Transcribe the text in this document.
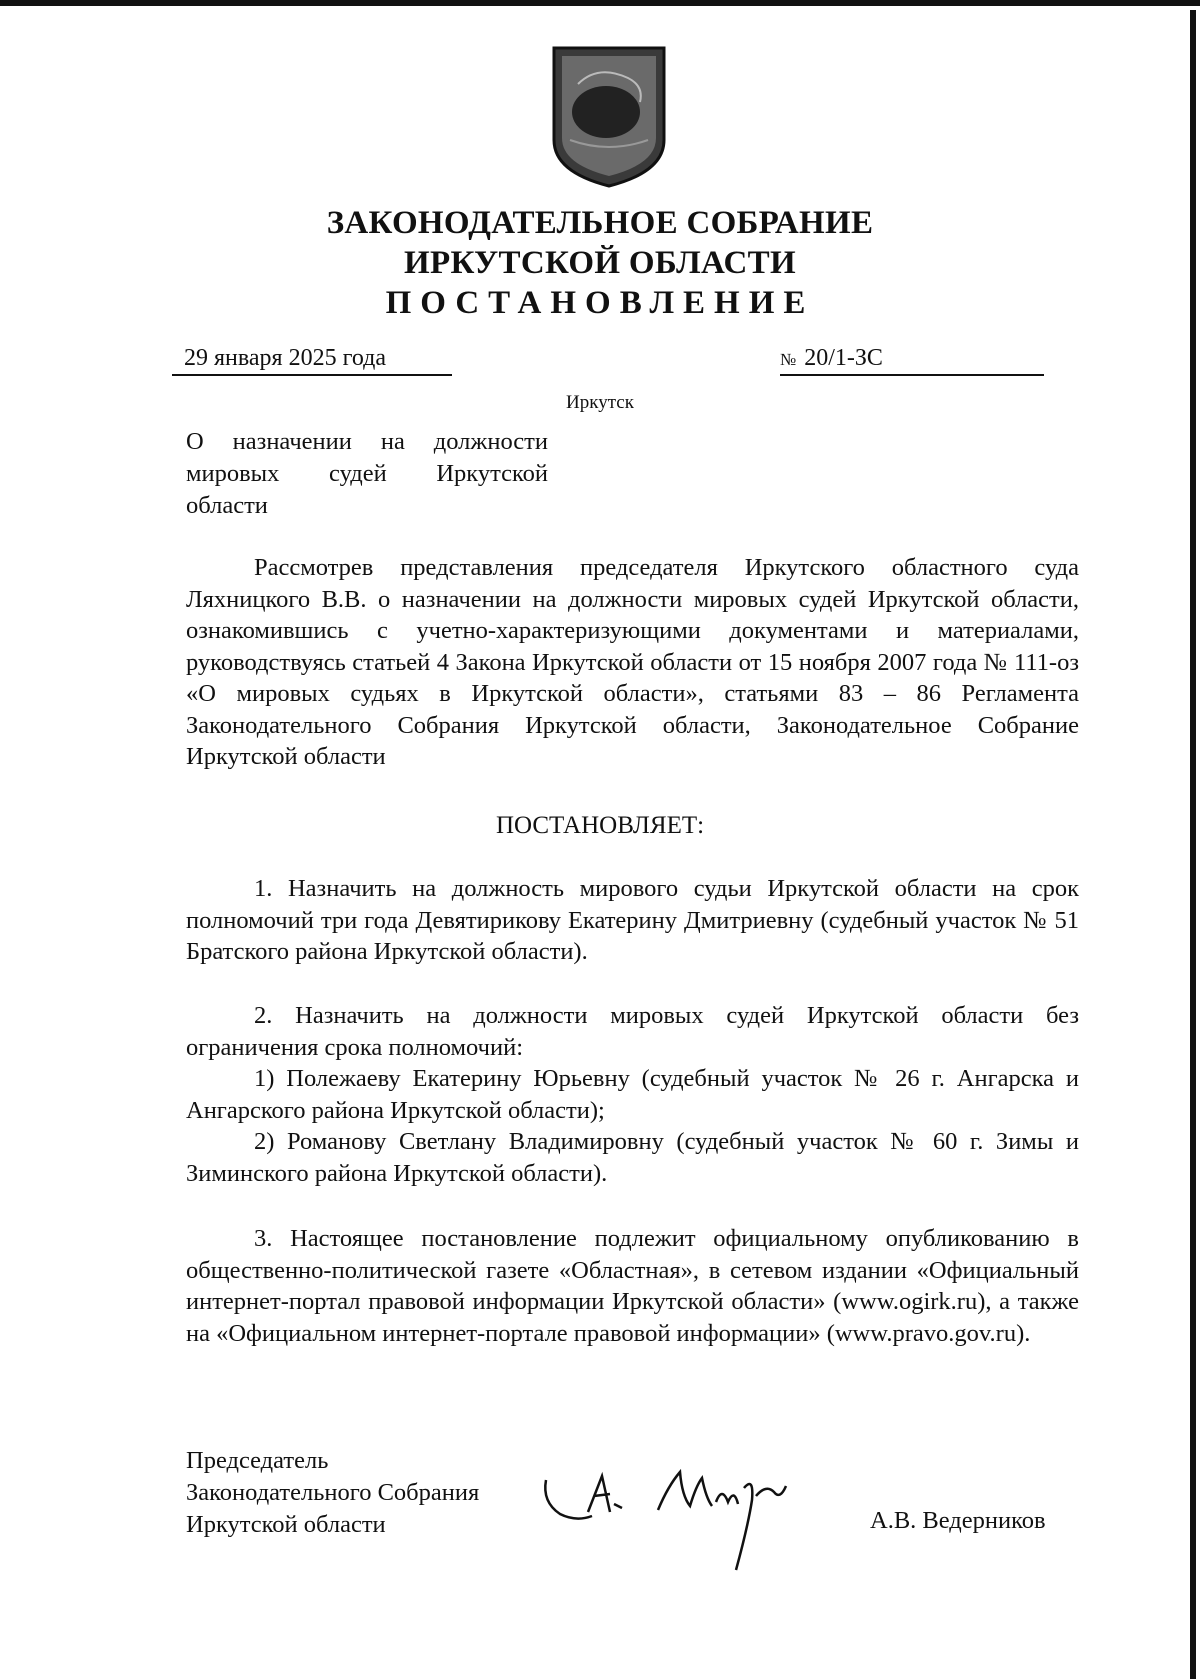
ЗАКОНОДАТЕЛЬНОЕ СОБРАНИЕ
ИРКУТСКОЙ ОБЛАСТИ
ПОСТАНОВЛЕНИЕ
29 января 2025 года	№ 20/1-ЗС
Иркутск
О назначении на должности мировых судей Иркутской области
Рассмотрев представления председателя Иркутского областного суда Ляхницкого В.В. о назначении на должности мировых судей Иркутской области, ознакомившись с учетно-характеризующими документами и материалами, руководствуясь статьей 4 Закона Иркутской области от 15 ноября 2007 года № 111-оз «О мировых судьях в Иркутской области», статьями 83 – 86 Регламента Законодательного Собрания Иркутской области, Законодательное Собрание Иркутской области
ПОСТАНОВЛЯЕТ:
1. Назначить на должность мирового судьи Иркутской области на срок полномочий три года Девятирикову Екатерину Дмитриевну (судебный участок № 51 Братского района Иркутской области).
2. Назначить на должности мировых судей Иркутской области без ограничения срока полномочий:
1) Полежаеву Екатерину Юрьевну (судебный участок № 26 г. Ангарска и Ангарского района Иркутской области);
2) Романову Светлану Владимировну (судебный участок № 60 г. Зимы и Зиминского района Иркутской области).
3. Настоящее постановление подлежит официальному опубликованию в общественно-политической газете «Областная», в сетевом издании «Официальный интернет-портал правовой информации Иркутской области» (www.ogirk.ru), а также на «Официальном интернет-портале правовой информации» (www.pravo.gov.ru).
Председатель
Законодательного Собрания
Иркутской области	А.В. Ведерников
